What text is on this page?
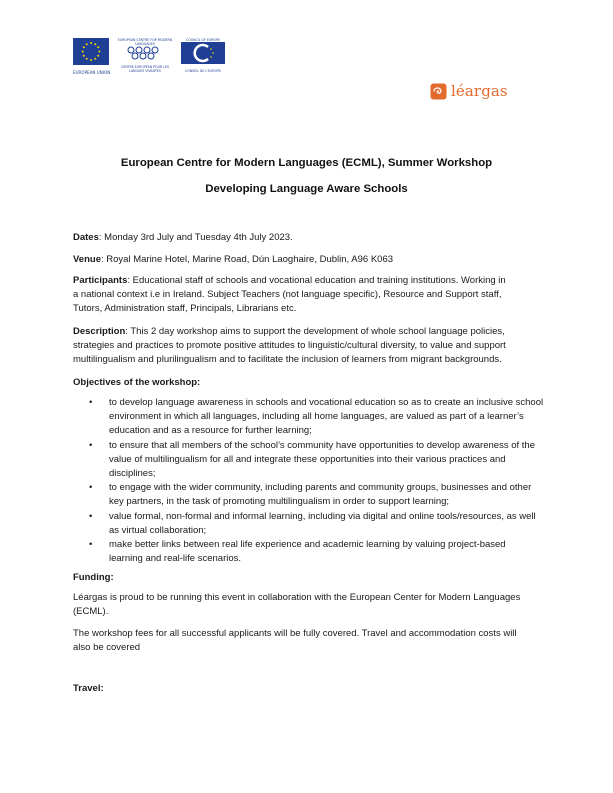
EUROPEAN UNION
EUROPEAN CENTRE FOR MODERN LANGUAGES
CENTRE EUROPÉEN POUR LES LANGUES VIVANTES
COUNCIL OF EUROPE
CONSEIL DE L'EUROPE
léargas
European Centre for Modern Languages (ECML), Summer Workshop
Developing Language Aware Schools

Dates: Monday 3rd July and Tuesday 4th July 2023.

Venue: Royal Marine Hotel, Marine Road, Dún Laoghaire, Dublin, A96 K063

Participants: Educational staff of schools and vocational education and training institutions. Working in
a national context i.e in Ireland. Subject Teachers (not language specific), Resource and Support staff,
Tutors, Administration staff, Principals, Librarians etc.
Description: This 2 day workshop aims to support the development of whole school language policies,
strategies and practices to promote positive attitudes to linguistic/cultural diversity, to value and support
multilingualism and plurilingualism and to facilitate the inclusion of learners from migrant backgrounds.

Objectives of the workshop:

• to develop language awareness in schools and vocational education so as to create an inclusive school
environment in which all languages, including all home languages, are valued as part of a learner’s
education and as a resource for further learning;
• to ensure that all members of the school’s community have opportunities to develop awareness of the
value of multilingualism for all and integrate these opportunities into their various practices and
disciplines;
• to engage with the wider community, including parents and community groups, businesses and other
key partners, in the task of promoting multilingualism in order to support learning;
• value formal, non-formal and informal learning, including via digital and online tools/resources, as well
as virtual collaboration;
• make better links between real life experience and academic learning by valuing project-based
learning and real-life scenarios.

Funding:

Léargas is proud to be running this event in collaboration with the European Center for Modern Languages
(ECML).
The workshop fees for all successful applicants will be fully covered. Travel and accommodation costs will
also be covered

Travel:
